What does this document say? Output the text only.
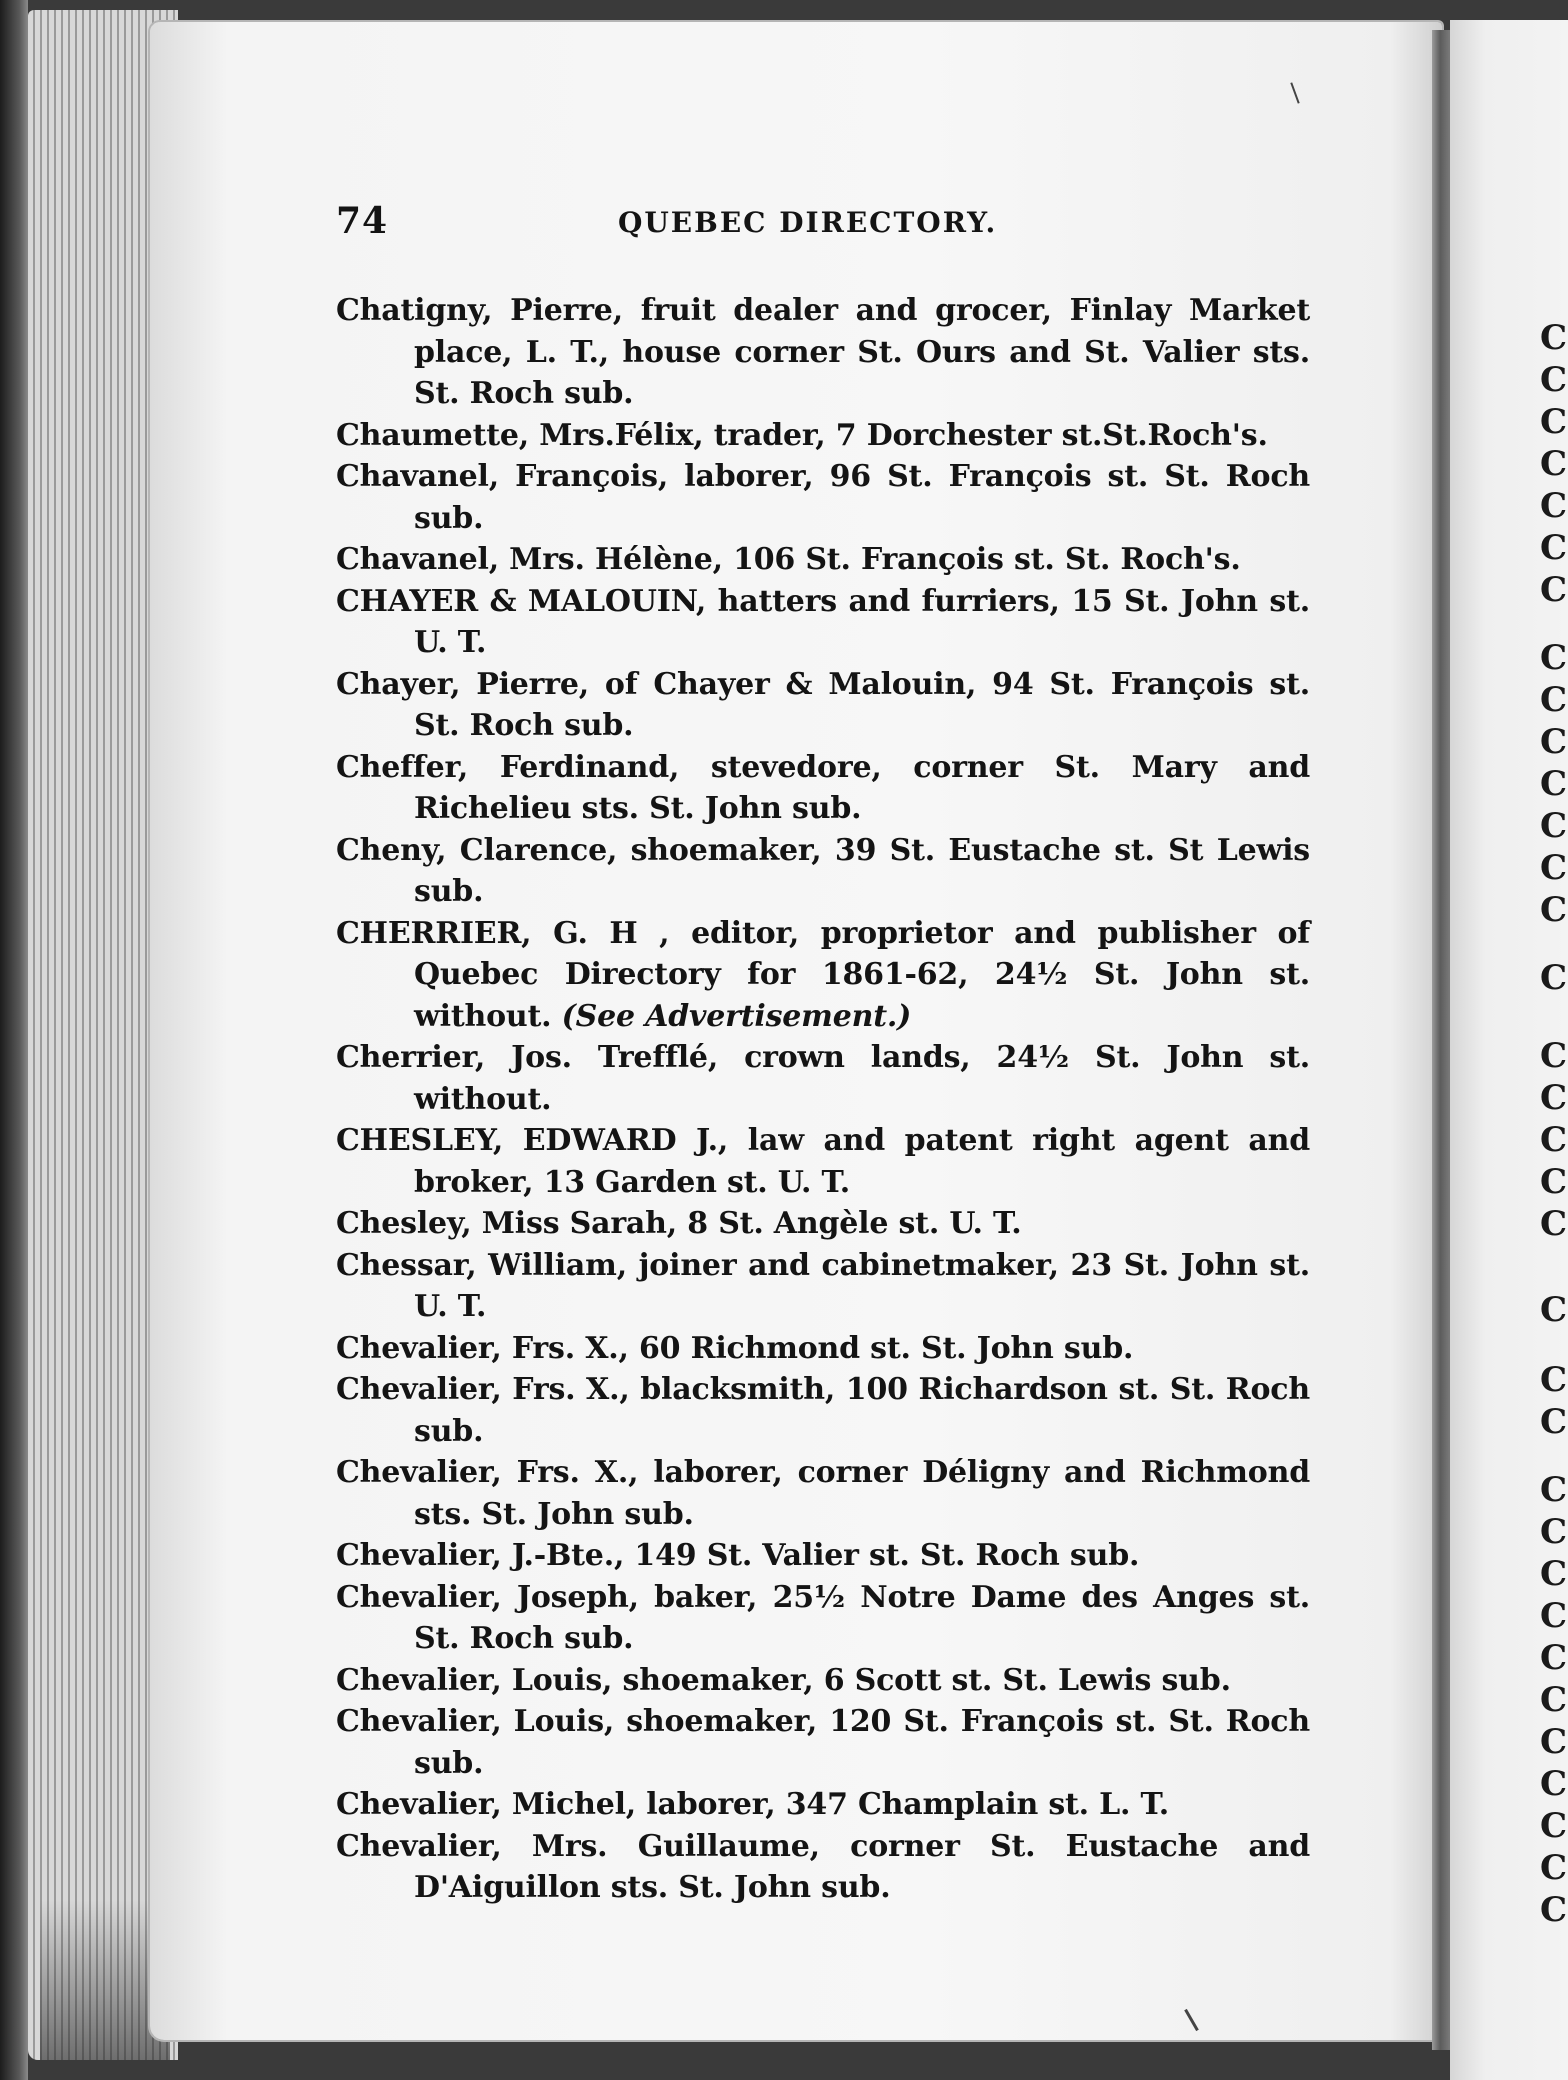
C
C
C
C
C
C
C
C
C
C
C
C
C
C
C
C
C
C
C
C
C
C
C
C
C
C
C
C
C
C
C
C
C
C
74	QUEBEC DIRECTORY.
Chatigny, Pierre, fruit dealer and grocer, Finlay Market place, L. T., house corner St. Ours and St. Valier sts. St. Roch sub.
Chaumette, Mrs.Félix, trader, 7 Dorchester st.St.Roch's.
Chavanel, François, laborer, 96 St. François st. St. Roch sub.
Chavanel, Mrs. Hélène, 106 St. François st. St. Roch's.
CHAYER & MALOUIN, hatters and furriers, 15 St. John st. U. T.
Chayer, Pierre, of Chayer & Malouin, 94 St. François st. St. Roch sub.
Cheffer, Ferdinand, stevedore, corner St. Mary and Richelieu sts. St. John sub.
Cheny, Clarence, shoemaker, 39 St. Eustache st. St Lewis sub.
CHERRIER, G. H , editor, proprietor and publisher of Quebec Directory for 1861-62, 24½ St. John st. without. (See Advertisement.)
Cherrier, Jos. Trefflé, crown lands, 24½ St. John st. without.
CHESLEY, EDWARD J., law and patent right agent and broker, 13 Garden st. U. T.
Chesley, Miss Sarah, 8 St. Angèle st. U. T.
Chessar, William, joiner and cabinetmaker, 23 St. John st. U. T.
Chevalier, Frs. X., 60 Richmond st. St. John sub.
Chevalier, Frs. X., blacksmith, 100 Richardson st. St. Roch sub.
Chevalier, Frs. X., laborer, corner Déligny and Richmond sts. St. John sub.
Chevalier, J.-Bte., 149 St. Valier st. St. Roch sub.
Chevalier, Joseph, baker, 25½ Notre Dame des Anges st. St. Roch sub.
Chevalier, Louis, shoemaker, 6 Scott st. St. Lewis sub.
Chevalier, Louis, shoemaker, 120 St. François st. St. Roch sub.
Chevalier, Michel, laborer, 347 Champlain st. L. T.
Chevalier, Mrs. Guillaume, corner St. Eustache and D'Aiguillon sts. St. John sub.
